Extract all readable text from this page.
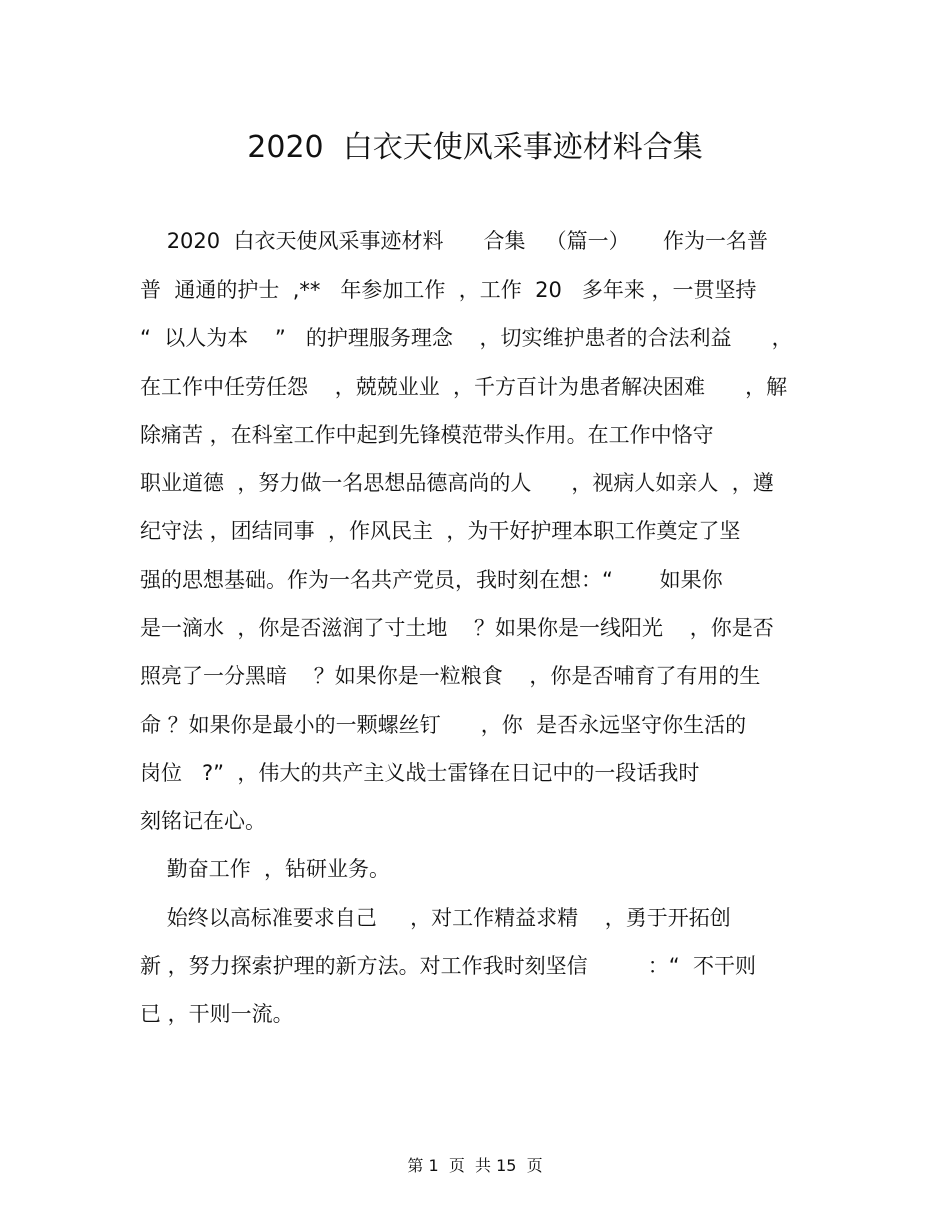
2020  白衣天使风采事迹材料合集
2020  白衣天使风采事迹材料      合集   （篇一）     作为一名普
普  通通的护士  ,**   年参加工作  ，工作  20   多年来 ，一贯坚持
“  以人为本    ”   的护理服务理念    ，切实维护患者的合法利益      ，
在工作中任劳任怨    ，兢兢业业  ，千方百计为患者解决困难      ，解
除痛苦 ，在科室工作中起到先锋模范带头作用。在工作中恪守
职业道德  ，努力做一名思想品德高尚的人      ，视病人如亲人  ，遵
纪守法 ，团结同事  ，作风民主  ，为干好护理本职工作奠定了坚
强的思想基础。作为一名共产党员，我时刻在想：“       如果你
是一滴水  ，你是否滋润了寸土地    ？如果你是一线阳光    ，你是否
照亮了一分黑暗    ？如果你是一粒粮食    ，你是否哺育了有用的生
命 ？如果你是最小的一颗螺丝钉      ，你  是否永远坚守你生活的
岗位   ?”  ，伟大的共产主义战士雷锋在日记中的一段话我时
刻铭记在心。
勤奋工作  ，钻研业务。
始终以高标准要求自己     ，对工作精益求精    ，勇于开拓创
新 ，努力探索护理的新方法。对工作我时刻坚信         ：“  不干则
已 ，干则一流。
第 1  页  共 15  页
